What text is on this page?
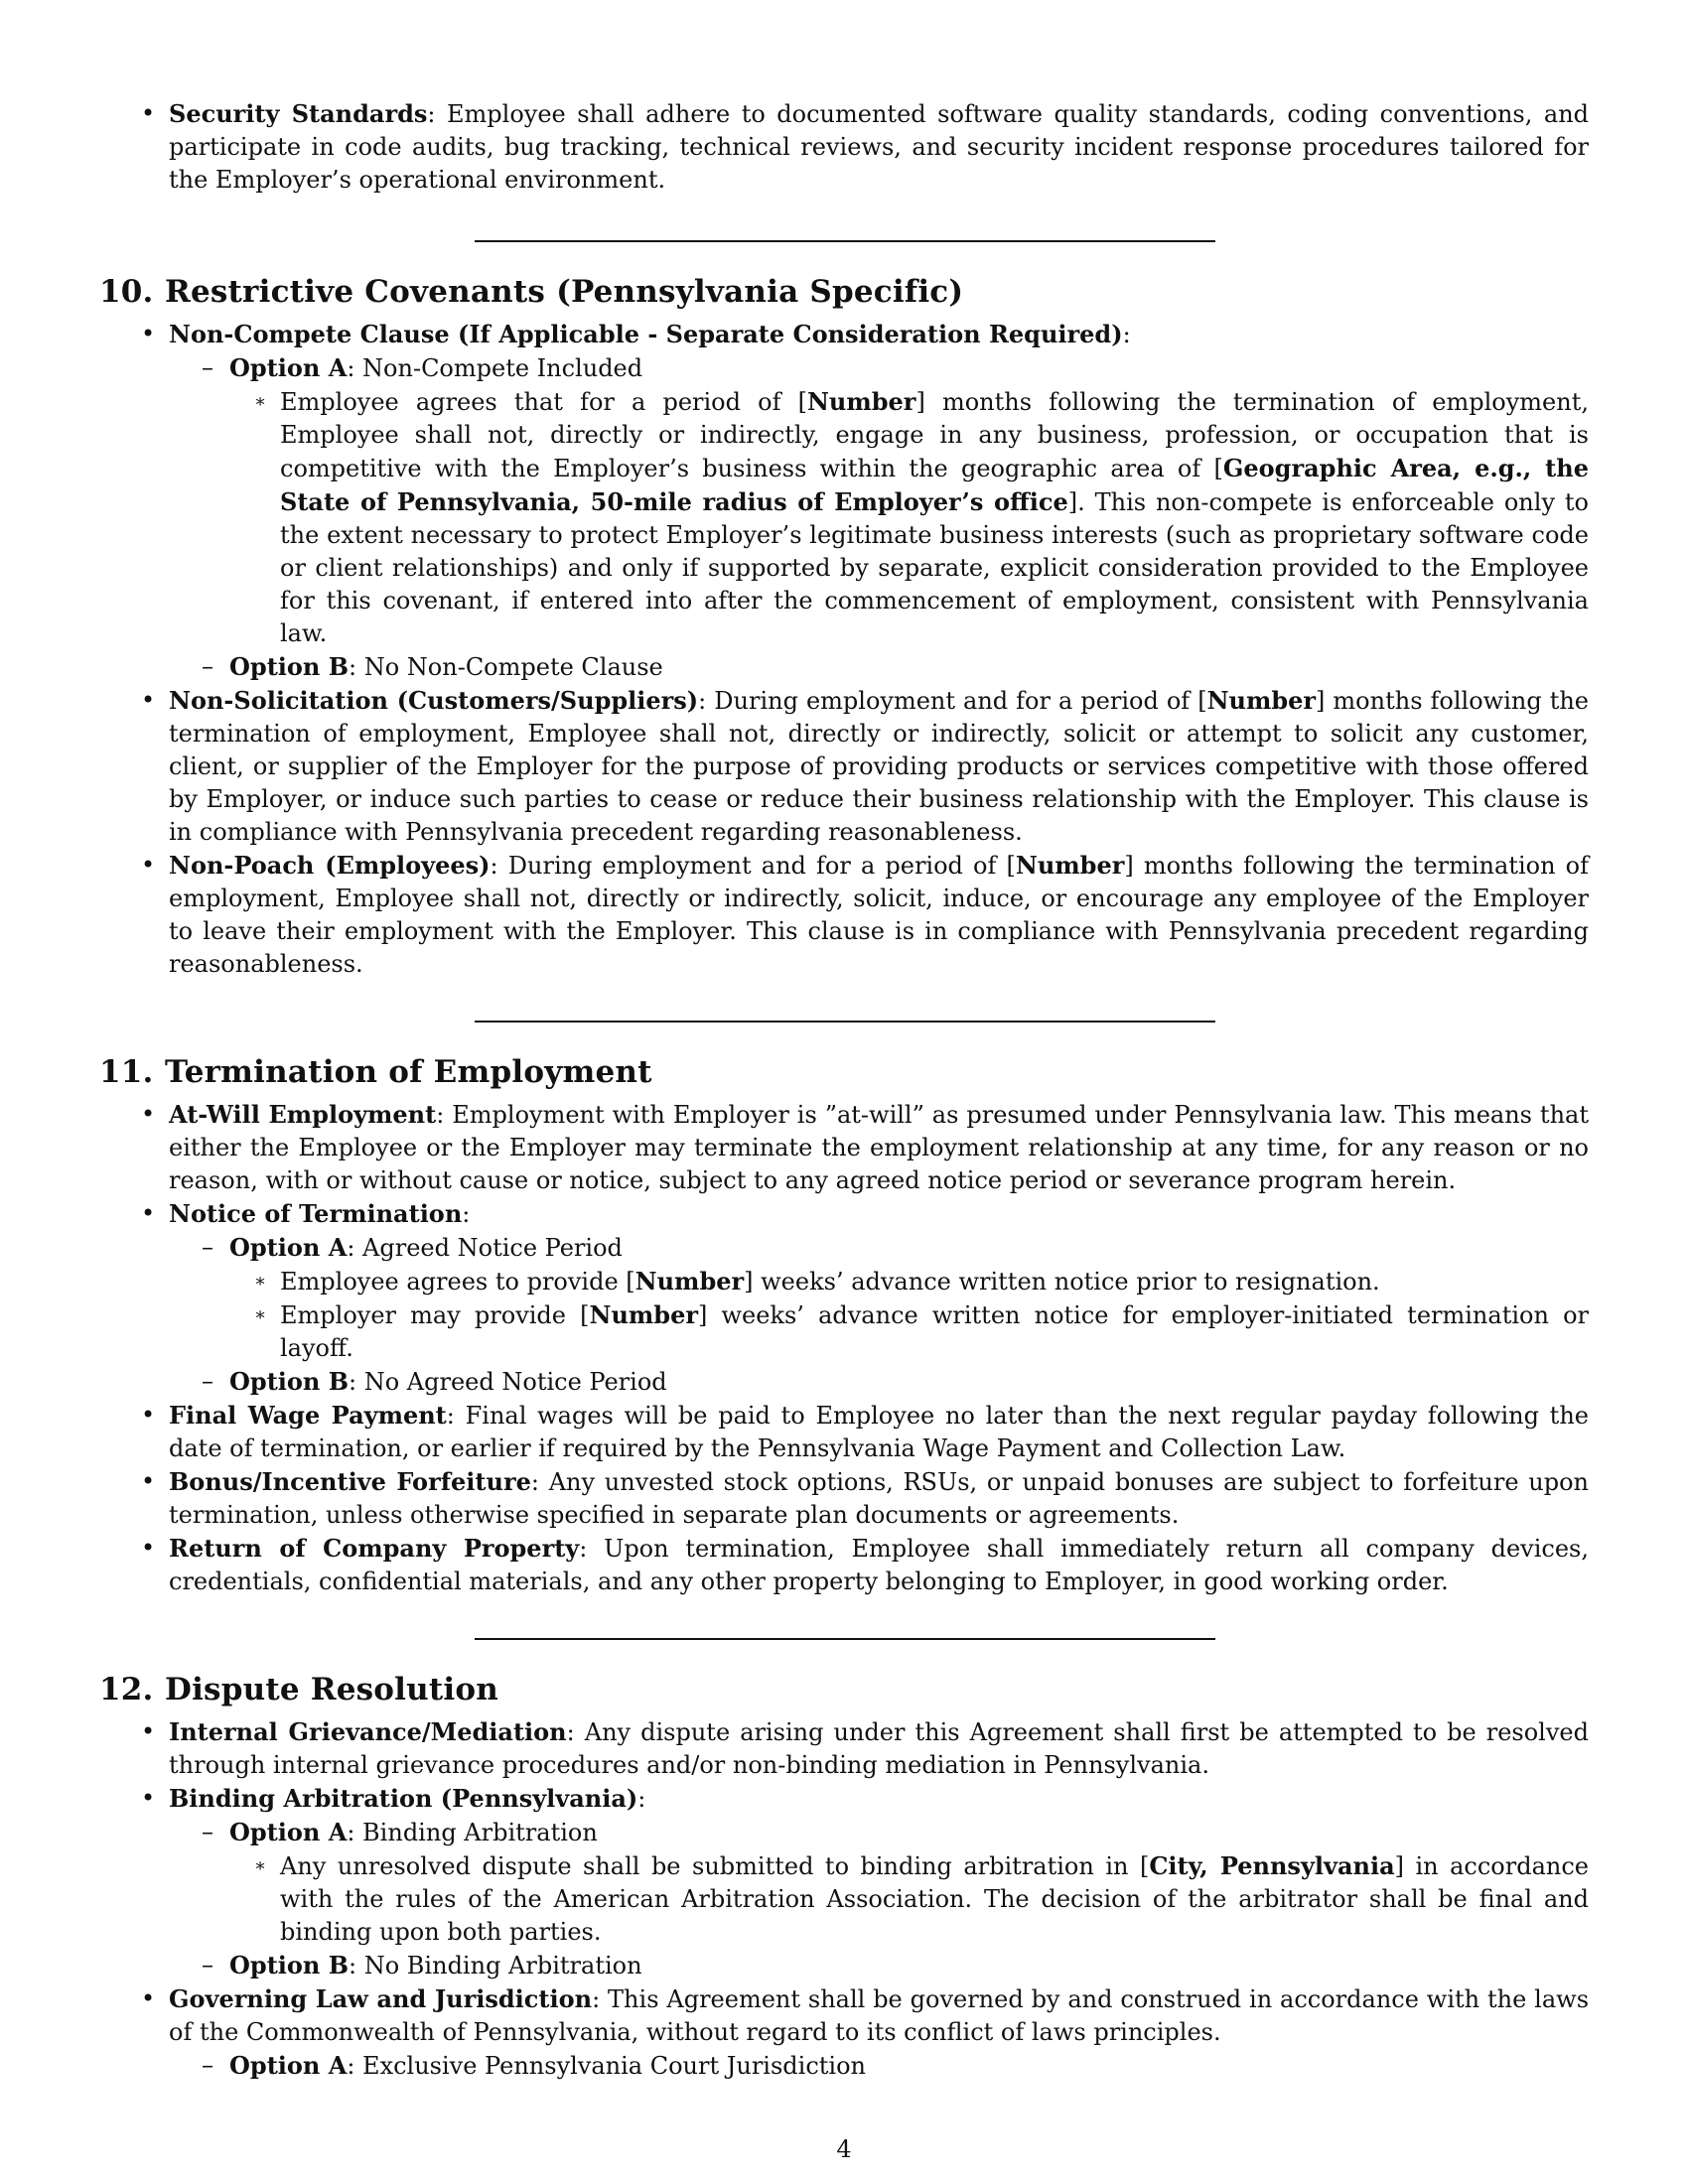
• Security Standards: Employee shall adhere to documented software quality standards, coding conventions, and participate in code audits, bug tracking, technical reviews, and security incident response procedures tailored for the Employer’s operational environment.
10. Restrictive Covenants (Pennsylvania Specific)
• Non-Compete Clause (If Applicable - Separate Consideration Required):
– Option A: Non-Compete Included
∗ Employee agrees that for a period of [Number] months following the termination of employment, Employee shall not, directly or indirectly, engage in any business, profession, or occupation that is competitive with the Employer’s business within the geographic area of [Geographic Area, e.g., the State of Pennsylvania, 50-mile radius of Employer’s office]. This non-compete is enforceable only to the extent necessary to protect Employer’s legitimate business interests (such as proprietary software code or client relationships) and only if supported by separate, explicit consideration provided to the Employee for this covenant, if entered into after the commencement of employment, consistent with Pennsylvania law.
– Option B: No Non-Compete Clause
• Non-Solicitation (Customers/Suppliers): During employment and for a period of [Number] months following the termination of employment, Employee shall not, directly or indirectly, solicit or attempt to solicit any customer, client, or supplier of the Employer for the purpose of providing products or services competitive with those offered by Employer, or induce such parties to cease or reduce their business relationship with the Employer. This clause is in compliance with Pennsylvania precedent regarding reasonableness.
• Non-Poach (Employees): During employment and for a period of [Number] months following the termination of employment, Employee shall not, directly or indirectly, solicit, induce, or encourage any employee of the Employer to leave their employment with the Employer. This clause is in compliance with Pennsylvania precedent regarding reasonableness.
11. Termination of Employment
• At-Will Employment: Employment with Employer is ”at-will” as presumed under Pennsylvania law. This means that either the Employee or the Employer may terminate the employment relationship at any time, for any reason or no reason, with or without cause or notice, subject to any agreed notice period or severance program herein.
• Notice of Termination:
– Option A: Agreed Notice Period
∗ Employee agrees to provide [Number] weeks’ advance written notice prior to resignation.
∗ Employer may provide [Number] weeks’ advance written notice for employer-initiated termination or layoff.
– Option B: No Agreed Notice Period
• Final Wage Payment: Final wages will be paid to Employee no later than the next regular payday following the date of termination, or earlier if required by the Pennsylvania Wage Payment and Collection Law.
• Bonus/Incentive Forfeiture: Any unvested stock options, RSUs, or unpaid bonuses are subject to forfeiture upon termination, unless otherwise specified in separate plan documents or agreements.
• Return of Company Property: Upon termination, Employee shall immediately return all company devices, credentials, confidential materials, and any other property belonging to Employer, in good working order.
12. Dispute Resolution
• Internal Grievance/Mediation: Any dispute arising under this Agreement shall first be attempted to be resolved through internal grievance procedures and/or non-binding mediation in Pennsylvania.
• Binding Arbitration (Pennsylvania):
– Option A: Binding Arbitration
∗ Any unresolved dispute shall be submitted to binding arbitration in [City, Pennsylvania] in accordance with the rules of the American Arbitration Association. The decision of the arbitrator shall be final and binding upon both parties.
– Option B: No Binding Arbitration
• Governing Law and Jurisdiction: This Agreement shall be governed by and construed in accordance with the laws of the Commonwealth of Pennsylvania, without regard to its conflict of laws principles.
– Option A: Exclusive Pennsylvania Court Jurisdiction
4
